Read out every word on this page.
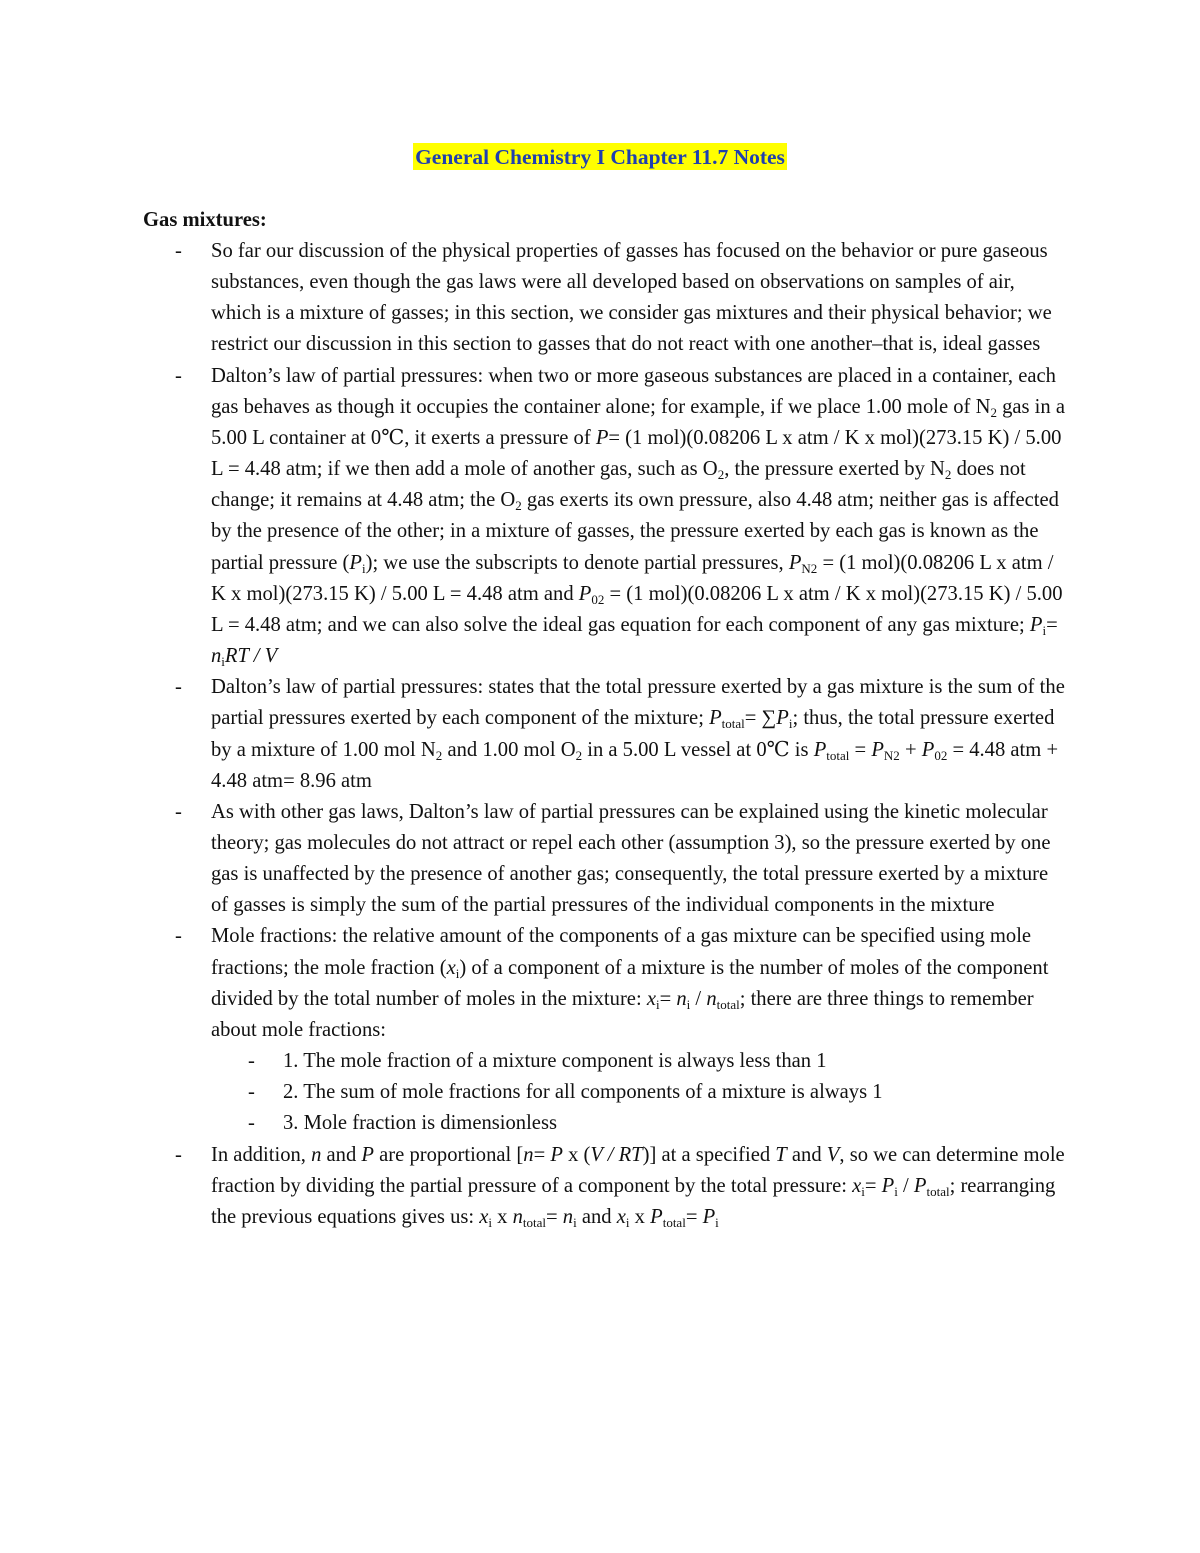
General Chemistry I Chapter 11.7 Notes
Gas mixtures:
- So far our discussion of the physical properties of gasses has focused on the behavior or pure gaseous substances, even though the gas laws were all developed based on observations on samples of air, which is a mixture of gasses; in this section, we consider gas mixtures and their physical behavior; we restrict our discussion in this section to gasses that do not react with one another–that is, ideal gasses
- Dalton’s law of partial pressures: when two or more gaseous substances are placed in a container, each gas behaves as though it occupies the container alone; for example, if we place 1.00 mole of $N_2$ gas in a 5.00 L container at 0℃, it exerts a pressure of P= (1 mol)(0.08206 L x atm / K x mol)(273.15 K) / 5.00 L = 4.48 atm; if we then add a mole of another gas, such as $O_2$, the pressure exerted by $N_2$ does not change; it remains at 4.48 atm; the $O_2$ gas exerts its own pressure, also 4.48 atm; neither gas is affected by the presence of the other; in a mixture of gasses, the pressure exerted by each gas is known as the partial pressure $(P_i)$; we use the subscripts to denote partial pressures, $P_{N2} = (1$ mol)(0.08206 L x atm / K x mol)(273.15 K) / 5.00 L = 4.48 atm and $P_{02} = (1$ mol)(0.08206 L x atm / K x mol)(273.15 K) / 5.00 L = 4.48 atm; and we can also solve the ideal gas equation for each component of any gas mixture; $P_i= n_iRT / V$
- Dalton’s law of partial pressures: states that the total pressure exerted by a gas mixture is the sum of the partial pressures exerted by each component of the mixture; $P_{total}= \sum P_i$; thus, the total pressure exerted by a mixture of 1.00 mol $N_2$ and 1.00 mol $O_2$ in a 5.00 L vessel at 0℃ is $P_{total} = P_{N2} + P_{02} = 4.48$ atm + 4.48 atm= 8.96 atm
- As with other gas laws, Dalton’s law of partial pressures can be explained using the kinetic molecular theory; gas molecules do not attract or repel each other (assumption 3), so the pressure exerted by one gas is unaffected by the presence of another gas; consequently, the total pressure exerted by a mixture of gasses is simply the sum of the partial pressures of the individual components in the mixture
- Mole fractions: the relative amount of the components of a gas mixture can be specified using mole fractions; the mole fraction $(x_i)$ of a component of a mixture is the number of moles of the component divided by the total number of moles in the mixture: $x_i= n_i / n_{total}$; there are three things to remember about mole fractions:
- 1. The mole fraction of a mixture component is always less than 1
- 2. The sum of mole fractions for all components of a mixture is always 1
- 3. Mole fraction is dimensionless
- In addition, n and P are proportional [n= P x (V / RT)] at a specified T and V, so we can determine mole fraction by dividing the partial pressure of a component by the total pressure: $x_i= P_i / P_{total}$; rearranging the previous equations gives us: $x_i$ x $n_{total}= n_i$ and $x_i$ x $P_{total}= P_i$
